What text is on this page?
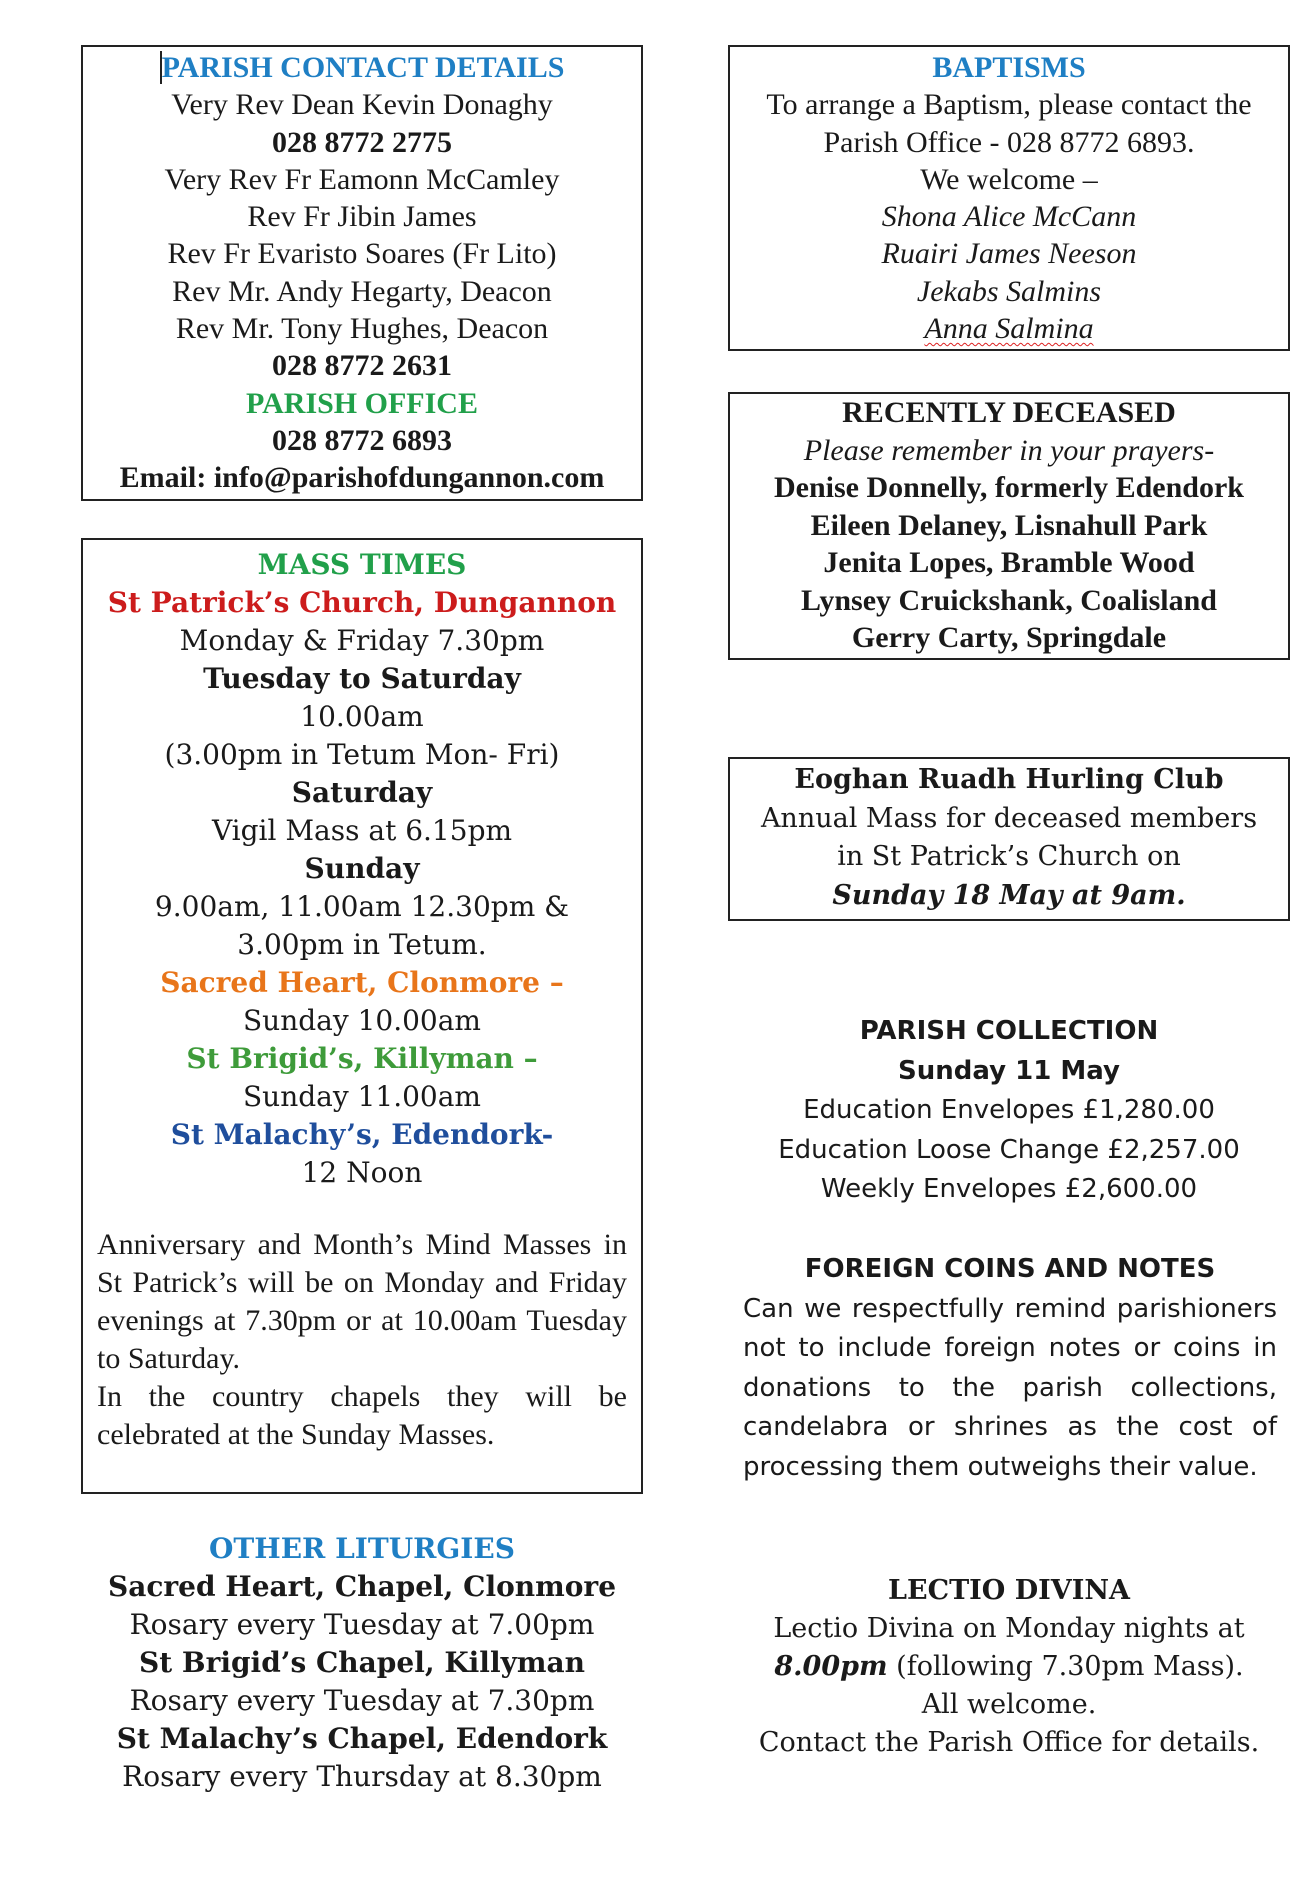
PARISH CONTACT DETAILS
Very Rev Dean Kevin Donaghy
028 8772 2775
Very Rev Fr Eamonn McCamley
Rev Fr Jibin James
Rev Fr Evaristo Soares (Fr Lito)
Rev Mr. Andy Hegarty, Deacon
Rev Mr. Tony Hughes, Deacon
028 8772 2631
PARISH OFFICE
028 8772 6893
Email: info@parishofdungannon.com
MASS TIMES
St Patrick’s Church, Dungannon
Monday & Friday 7.30pm
Tuesday to Saturday
10.00am
(3.00pm in Tetum Mon- Fri)
Saturday
Vigil Mass at 6.15pm
Sunday
9.00am, 11.00am 12.30pm &
3.00pm in Tetum.
Sacred Heart, Clonmore –
Sunday 10.00am
St Brigid’s, Killyman –
Sunday 11.00am
St Malachy’s, Edendork-
12 Noon
Anniversary and Month’s Mind Masses in St Patrick’s will be on Monday and Friday evenings at 7.30pm or at 10.00am Tuesday to Saturday.
In the country chapels they will be celebrated at the Sunday Masses.
OTHER LITURGIES
Sacred Heart, Chapel, Clonmore
Rosary every Tuesday at 7.00pm
St Brigid’s Chapel, Killyman
Rosary every Tuesday at 7.30pm
St Malachy’s Chapel, Edendork
Rosary every Thursday at 8.30pm
BAPTISMS
To arrange a Baptism, please contact the
Parish Office - 028 8772 6893.
We welcome –
Shona Alice McCann
Ruairi James Neeson
Jekabs Salmins
Anna Salmina
RECENTLY DECEASED
Please remember in your prayers-
Denise Donnelly, formerly Edendork
Eileen Delaney, Lisnahull Park
Jenita Lopes, Bramble Wood
Lynsey Cruickshank, Coalisland
Gerry Carty, Springdale
Eoghan Ruadh Hurling Club
Annual Mass for deceased members
in St Patrick’s Church on
Sunday 18 May at 9am.
PARISH COLLECTION
Sunday 11 May
Education Envelopes £1,280.00
Education Loose Change £2,257.00
Weekly Envelopes £2,600.00
FOREIGN COINS AND NOTES
Can we respectfully remind parishioners not to include foreign notes or coins in donations to the parish collections, candelabra or shrines as the cost of processing them outweighs their value.
LECTIO DIVINA
Lectio Divina on Monday nights at
8.00pm (following 7.30pm Mass).
All welcome.
Contact the Parish Office for details.
